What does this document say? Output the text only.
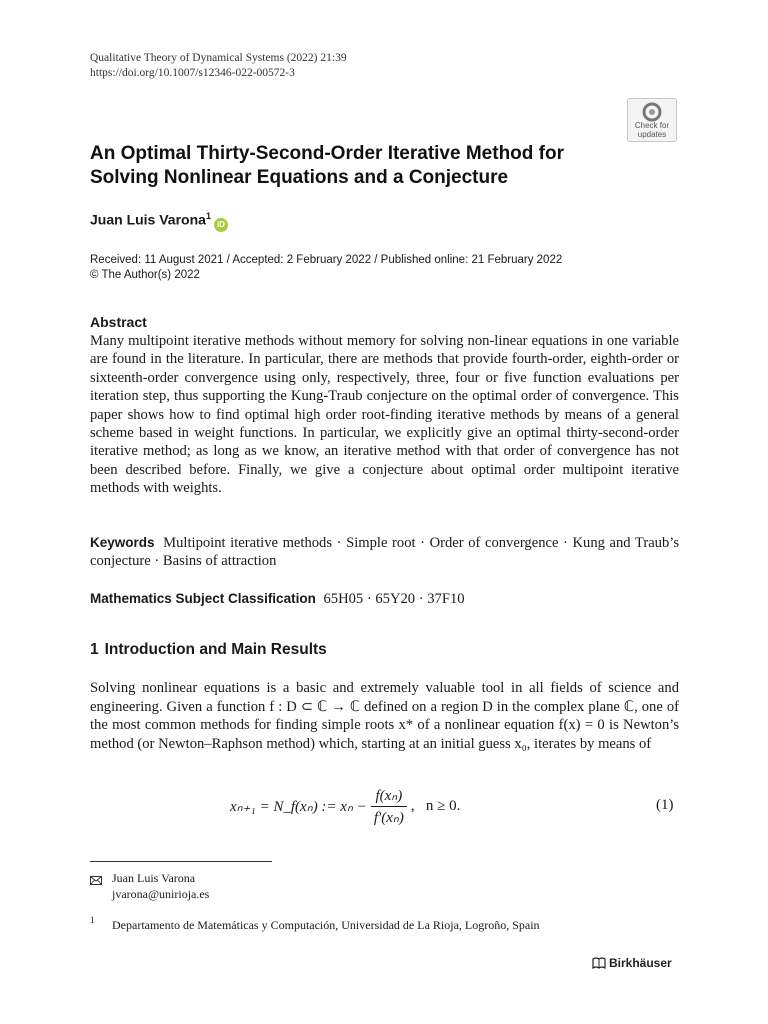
Qualitative Theory of Dynamical Systems (2022) 21:39
https://doi.org/10.1007/s12346-022-00572-3
Check for
updates
An Optimal Thirty-Second-Order Iterative Method for
Solving Nonlinear Equations and a Conjecture
Juan Luis Varona$^1$iD
Received: 11 August 2021 / Accepted: 2 February 2022 / Published online: 21 February 2022
© The Author(s) 2022
Abstract
Many multipoint iterative methods without memory for solving non-linear equations in one variable are found in the literature. In particular, there are methods that provide fourth-order, eighth-order or sixteenth-order convergence using only, respectively, three, four or five function evaluations per iteration step, thus supporting the Kung-Traub conjecture on the optimal order of convergence. This paper shows how to find optimal high order root-finding iterative methods by means of a general scheme based in weight functions. In particular, we explicitly give an optimal thirty-second-order iterative method; as long as we know, an iterative method with that order of convergence has not been described before. Finally, we give a conjecture about optimal order multipoint iterative methods with weights.
Keywords Multipoint iterative methods · Simple root · Order of convergence · Kung and Traub’s conjecture · Basins of attraction
Mathematics Subject Classification 65H05 · 65Y20 · 37F10
1 Introduction and Main Results
Solving nonlinear equations is a basic and extremely valuable tool in all fields of science and engineering. Given a function f : D ⊂ ℂ → ℂ defined on a region D in the complex plane ℂ, one of the most common methods for finding simple roots x* of a nonlinear equation f(x) = 0 is Newton’s method (or Newton–Raphson method) which, starting at an initial guess x₀, iterates by means of
xₙ₊₁ = N_f(xₙ) := $x_n - \frac{\text{f(xₙ)}}{\text{f′(xₙ)}}$ ,   n ≥ 0.	(1)
Juan Luis Varona
jvarona@unirioja.es
1 Departamento de Matemáticas y Computación, Universidad de La Rioja, Logroño, Spain
Birkhäuser
